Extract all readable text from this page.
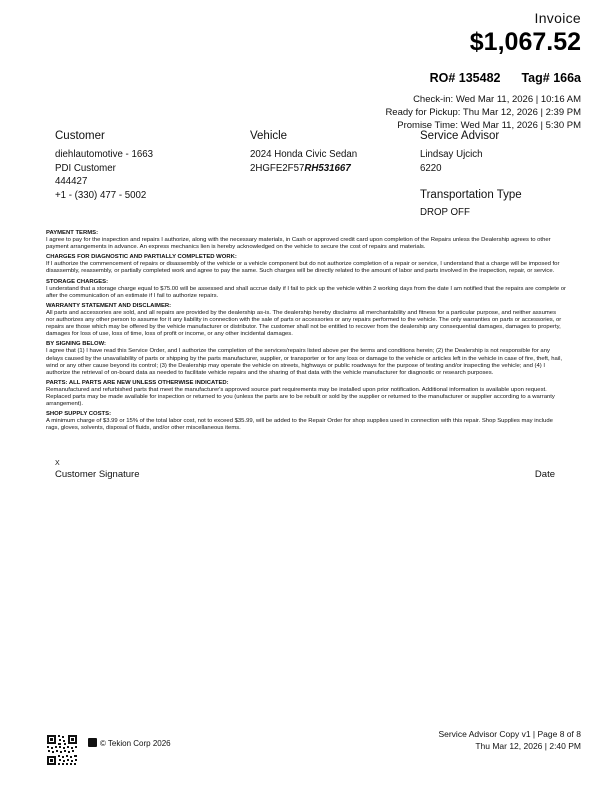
Invoice
$1,067.52
RO# 135482 Tag# 166a
Check-in: Wed Mar 11, 2026 | 10:16 AM
Ready for Pickup: Thu Mar 12, 2026 | 2:39 PM
Promise Time: Wed Mar 11, 2026 | 5:30 PM
Customer
diehlautomotive - 1663
PDI Customer
444427
+1 - (330) 477 - 5002
Vehicle
2024 Honda Civic Sedan
2HGFE2F57RH531667
Service Advisor
Lindsay Ujcich
6220
Transportation Type
DROP OFF

PAYMENT TERMS:
I agree to pay for the inspection and repairs I authorize, along with the necessary materials, in Cash or approved credit card upon completion of the Repairs unless the Dealership agrees to other payment arrangements in advance. An express mechanics lien is hereby acknowledged on the vehicle to secure the cost of repairs and materials.

CHARGES FOR DIAGNOSTIC AND PARTIALLY COMPLETED WORK:
If I authorize the commencement of repairs or disassembly of the vehicle or a vehicle component but do not authorize completion of a repair or service, I understand that a charge will be imposed for disassembly, reassembly, or partially completed work and agree to pay the same. Such charges will be directly related to the amount of labor and parts involved in the inspection, repair, or service.

STORAGE CHARGES:
I understand that a storage charge equal to $75.00 will be assessed and shall accrue daily if I fail to pick up the vehicle within 2 working days from the date I am notified that the repairs are complete or after the communication of an estimate if I fail to authorize repairs.

WARRANTY STATEMENT AND DISCLAIMER:
All parts and accessories are sold, and all repairs are provided by the dealership as-is. The dealership hereby disclaims all merchantability and fitness for a particular purpose, and neither assumes nor authorizes any other person to assume for it any liability in connection with the sale of parts or accessories or any repairs performed to the vehicle. The only warranties on parts or accessories, or repairs are those which may be offered by the vehicle manufacturer or distributor. The customer shall not be entitled to recover from the dealership any consequential damages, damages to property, damages for loss of use, loss of time, loss of profit or income, or any other incidental damages.

BY SIGNING BELOW:
I agree that (1) I have read this Service Order, and I authorize the completion of the services/repairs listed above per the terms and conditions herein; (2) the Dealership is not responsible for any delays caused by the unavailability of parts or shipping by the parts manufacturer, supplier, or transporter or for any loss or damage to the vehicle or articles left in the vehicle in case of fire, theft, hail, wind or any other cause beyond its control; (3) the Dealership may operate the vehicle on streets, highways or public roadways for the purpose of testing and/or inspecting the vehicle; and (4) I authorize the retrieval of on-board data as needed to facilitate vehicle repairs and the sharing of that data with the vehicle manufacturer for diagnostic or research purposes.

PARTS: ALL PARTS ARE NEW UNLESS OTHERWISE INDICATED:
Remanufactured and refurbished parts that meet the manufacturer's approved source part requirements may be installed upon prior notification. Additional information is available upon request. Replaced parts may be made available for inspection or returned to you (unless the parts are to be rebuilt or sold by the supplier or returned to the manufacturer or supplier according to a warranty arrangement).

SHOP SUPPLY COSTS:
A minimum charge of $3.99 or 15% of the total labor cost, not to exceed $35.99, will be added to the Repair Order for shop supplies used in connection with this repair. Shop Supplies may include rags, gloves, solvents, disposal of fluids, and/or other miscellaneous items.

X
Customer Signature	Date
© Tekion Corp 2026
Service Advisor Copy v1 | Page 8 of 8
Thu Mar 12, 2026 | 2:40 PM
